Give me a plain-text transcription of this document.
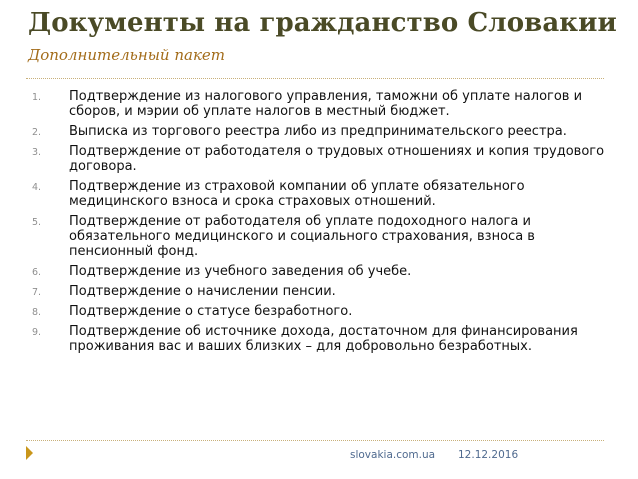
Документы на гражданство Словакии
Дополнительный пакет
1.	Подтверждение из налогового управления, таможни об уплате налогов и сборов, и мэрии об уплате налогов в местный бюджет.
2.	Выписка из торгового реестра либо из предпринимательского реестра.
3.	Подтверждение от работодателя о трудовых отношениях и копия трудового договора.
4.	Подтверждение из страховой компании об уплате обязательного медицинского взноса и срока страховых отношений.
5.	Подтверждение от работодателя об уплате подоходного налога и обязательного медицинского и социального страхования, взноса в пенсионный фонд.
6.	Подтверждение из учебного заведения об учебе.
7.	Подтверждение о начислении пенсии.
8.	Подтверждение о статусе безработного.
9.	Подтверждение об источнике дохода, достаточном для финансирования проживания вас и ваших близких – для добровольно безработных.
slovakia.com.ua 12.12.2016
